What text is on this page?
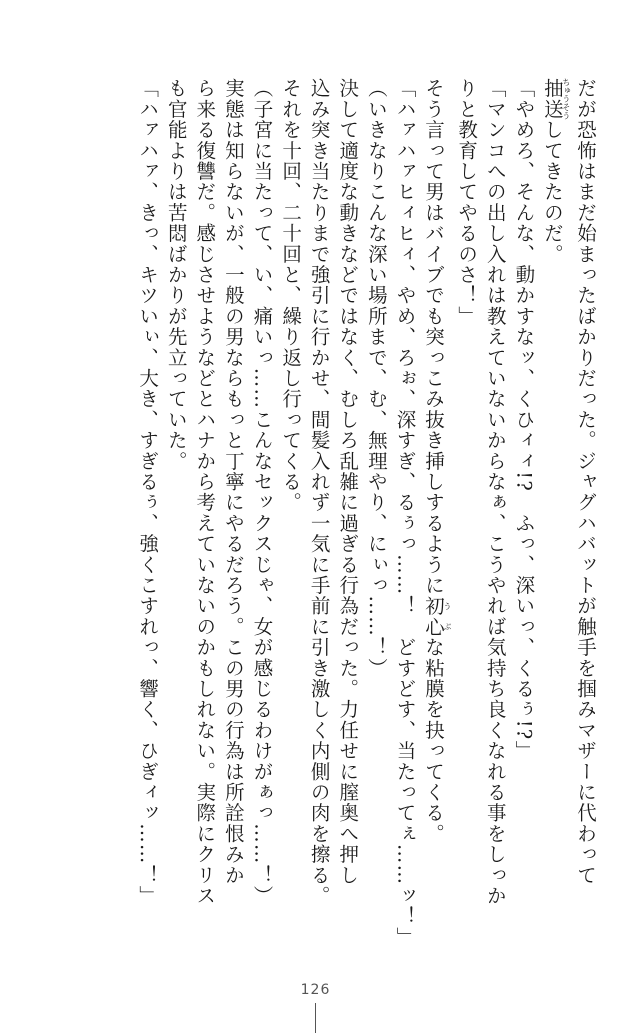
だが恐怖はまだ始まったばかりだった。ジャグハバットが触手を掴みマザーに代わって
抽送ちゅうそうしてきたのだ。
「やめろ、そんな、動かすなッ、くひィィ!?　ふっ、深いっ、くるぅ!?」
「マンコへの出し入れは教えていないからなぁ、こうやれば気持ち良くなれる事をしっか
りと教育してやるのさ！」
そう言って男はバイブでも突っこみ抜き挿しするように初心うぶな粘膜を抉ってくる。
「ハァハァヒィヒィ、やめ、ろぉ、深すぎ、るぅっ……！　どすどす、当たってぇ……ッ！」
（いきなりこんな深い場所まで、む、無理やり、にぃっ……！）
決して適度な動きなどではなく、むしろ乱雑に過ぎる行為だった。力任せに膣奥へ押し
込み突き当たりまで強引に行かせ、間髪入れず一気に手前に引き激しく内側の肉を擦る。
それを十回、二十回と、繰り返し行ってくる。
（子宮に当たって、い、痛いっ……こんなセックスじゃ、女が感じるわけがぁっ……！）
実態は知らないが、一般の男ならもっと丁寧にやるだろう。この男の行為は所詮恨みか
ら来る復讐だ。感じさせようなどとハナから考えていないのかもしれない。実際にクリス
も官能よりは苦悶ばかりが先立っていた。
「ハァハァ、きっ、キツいぃ、大き、すぎるぅ、強くこすれっ、響く、ひぎィッ……！」
126
